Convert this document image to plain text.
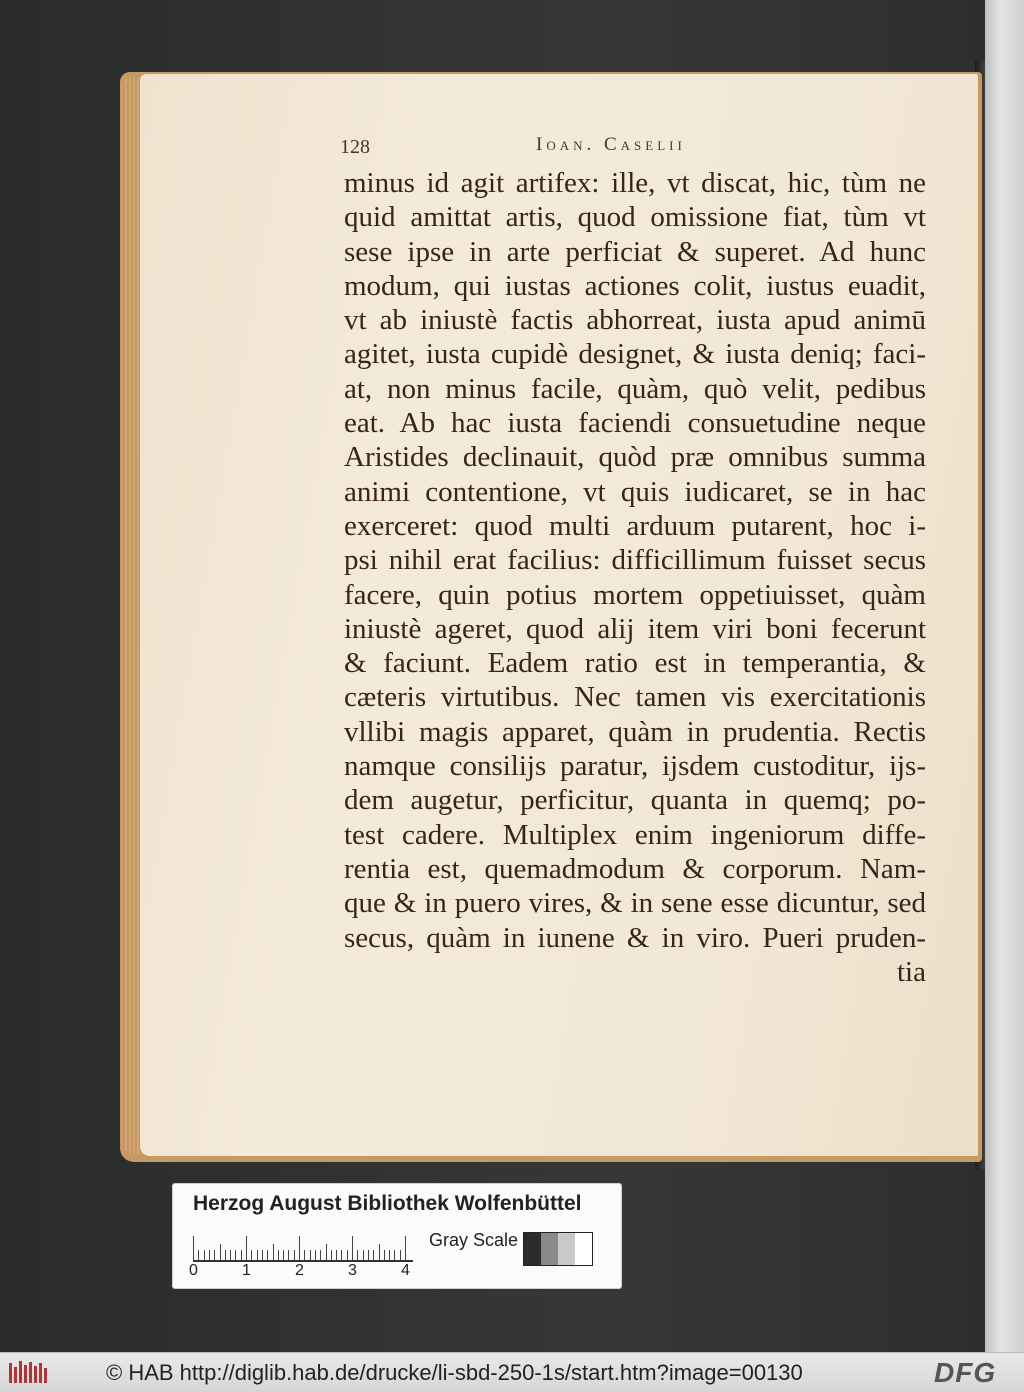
128	Ioan. Caselii
minus id agit artifex: ille, vt discat, hic, tùm ne
quid amittat artis, quod omissione fiat, tùm vt
sese ipse in arte perficiat & superet. Ad hunc
modum, qui iustas actiones colit, iustus euadit,
vt ab iniustè factis abhorreat, iusta apud animū
agitet, iusta cupidè designet, & iusta deniq; faci-
at, non minus facile, quàm, quò velit, pedibus
eat. Ab hac iusta faciendi consuetudine neque
Aristides declinauit, quòd præ omnibus summa
animi contentione, vt quis iudicaret, se in hac
exerceret: quod multi arduum putarent, hoc i-
psi nihil erat facilius: difficillimum fuisset secus
facere, quin potius mortem oppetiuisset, quàm
iniustè ageret, quod alij item viri boni fecerunt
& faciunt. Eadem ratio est in temperantia, &
cæteris virtutibus. Nec tamen vis exercitationis
vllibi magis apparet, quàm in prudentia. Rectis
namque consilijs paratur, ijsdem custoditur, ijs-
dem augetur, perficitur, quanta in quemq; po-
test cadere. Multiplex enim ingeniorum diffe-
rentia est, quemadmodum & corporum. Nam-
que & in puero vires, & in sene esse dicuntur, sed
secus, quàm in iunene & in viro. Pueri pruden-
tia
Herzog August Bibliothek Wolfenbüttel
0	1	2	3	4
Gray Scale
© HAB http://diglib.hab.de/drucke/li-sbd-250-1s/start.htm?image=00130	DFG
